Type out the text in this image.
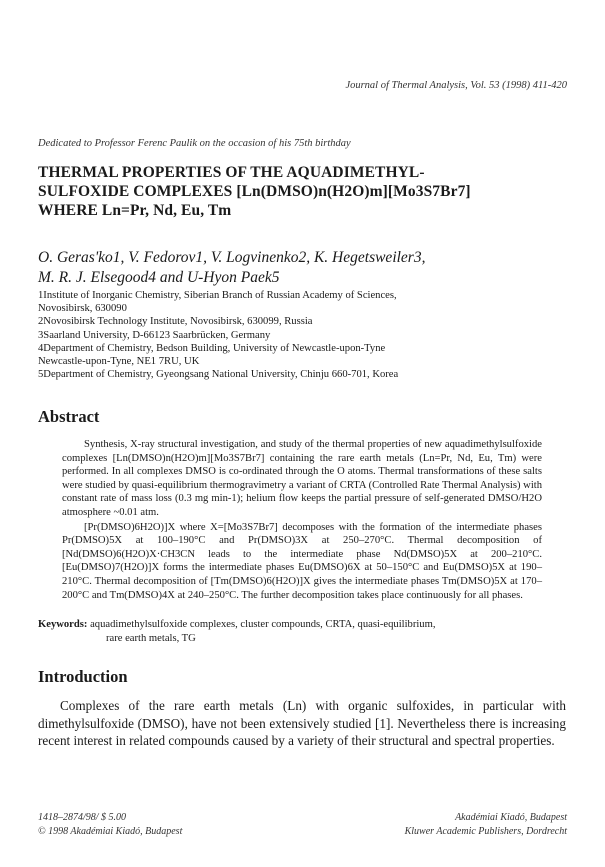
Journal of Thermal Analysis, Vol. 53 (1998) 411-420
Dedicated to Professor Ferenc Paulik on the occasion of his 75th birthday
THERMAL PROPERTIES OF THE AQUADIMETHYL-
SULFOXIDE COMPLEXES [Ln(DMSO)n(H2O)m][Mo3S7Br7]
WHERE Ln=Pr, Nd, Eu, Tm
O. Geras'ko1, V. Fedorov1, V. Logvinenko2, K. Hegetsweiler3,
M. R. J. Elsegood4 and U-Hyon Paek5
1Institute of Inorganic Chemistry, Siberian Branch of Russian Academy of Sciences,
Novosibirsk, 630090
2Novosibirsk Technology Institute, Novosibirsk, 630099, Russia
3Saarland University, D-66123 Saarbrücken, Germany
4Department of Chemistry, Bedson Building, University of Newcastle-upon-Tyne
Newcastle-upon-Tyne, NE1 7RU, UK
5Department of Chemistry, Gyeongsang National University, Chinju 660-701, Korea
Abstract

Synthesis, X-ray structural investigation, and study of the thermal properties of new aquadimethylsulfoxide complexes [Ln(DMSO)n(H2O)m][Mo3S7Br7] containing the rare earth metals (Ln=Pr, Nd, Eu, Tm) were performed. In all complexes DMSO is co-ordinated through the O atoms. Thermal transformations of these salts were studied by quasi-equilibrium thermogravimetry a variant of CRTA (Controlled Rate Thermal Analysis) with constant rate of mass loss (0.3 mg min-1); helium flow keeps the partial pressure of self-generated DMSO/H2O atmosphere ~0.01 atm.

[Pr(DMSO)6H2O)]X where X=[Mo3S7Br7] decomposes with the formation of the intermediate phases Pr(DMSO)5X at 100–190°C and Pr(DMSO)3X at 250–270°C. Thermal decomposition of [Nd(DMSO)6(H2O)X·CH3CN leads to the intermediate phase Nd(DMSO)5X at 200–210°C. [Eu(DMSO)7(H2O)]X forms the intermediate phases Eu(DMSO)6X at 50–150°C and Eu(DMSO)5X at 190–210°C. Thermal decomposition of [Tm(DMSO)6(H2O)]X gives the intermediate phases Tm(DMSO)5X at 170–200°C and Tm(DMSO)4X at 240–250°C. The further decomposition takes place continuously for all phases.

Keywords: aquadimethylsulfoxide complexes, cluster compounds, CRTA, quasi-equilibrium,
rare earth metals, TG
Introduction

Complexes of the rare earth metals (Ln) with organic sulfoxides, in particular with dimethylsulfoxide (DMSO), have not been extensively studied [1]. Nevertheless there is increasing recent interest in related compounds caused by a variety of their structural and spectral properties.

1418–2874/98/ $ 5.00
© 1998 Akadémiai Kiadó, Budapest
Akadémiai Kiadó, Budapest
Kluwer Academic Publishers, Dordrecht
